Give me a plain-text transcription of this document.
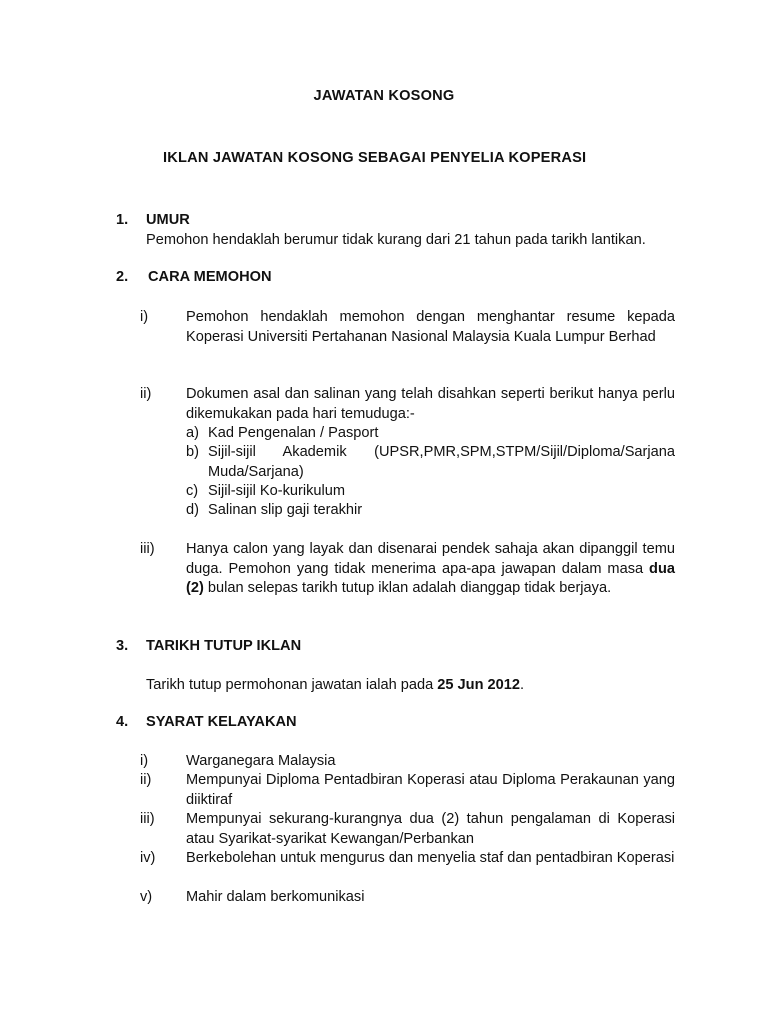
JAWATAN KOSONG
IKLAN JAWATAN KOSONG SEBAGAI PENYELIA KOPERASI
1. UMUR
Pemohon hendaklah berumur tidak kurang dari 21 tahun pada tarikh lantikan.
2. CARA MEMOHON
i)	Pemohon hendaklah memohon dengan menghantar resume kepada Koperasi Universiti Pertahanan Nasional Malaysia Kuala Lumpur Berhad
ii) Dokumen asal dan salinan yang telah disahkan seperti berikut hanya perlu dikemukakan pada hari temuduga:-
a) Kad Pengenalan / Pasport
b) Sijil-sijil Akademik (UPSR,PMR,SPM,STPM/Sijil/Diploma/Sarjana Muda/Sarjana)
c) Sijil-sijil Ko-kurikulum
d) Salinan slip gaji terakhir
iii) Hanya calon yang layak dan disenarai pendek sahaja akan dipanggil temu duga. Pemohon yang tidak menerima apa-apa jawapan dalam masa dua (2) bulan selepas tarikh tutup iklan adalah dianggap tidak berjaya.
3. TARIKH TUTUP IKLAN
Tarikh tutup permohonan jawatan ialah pada 25 Jun 2012.
4. SYARAT KELAYAKAN
i)	Warganegara Malaysia
ii) Mempunyai Diploma Pentadbiran Koperasi atau Diploma Perakaunan yang diiktiraf
iii) Mempunyai sekurang-kurangnya dua (2) tahun pengalaman di Koperasi atau Syarikat-syarikat Kewangan/Perbankan
iv) Berkebolehan untuk mengurus dan menyelia staf dan pentadbiran Koperasi
v) Mahir dalam berkomunikasi
